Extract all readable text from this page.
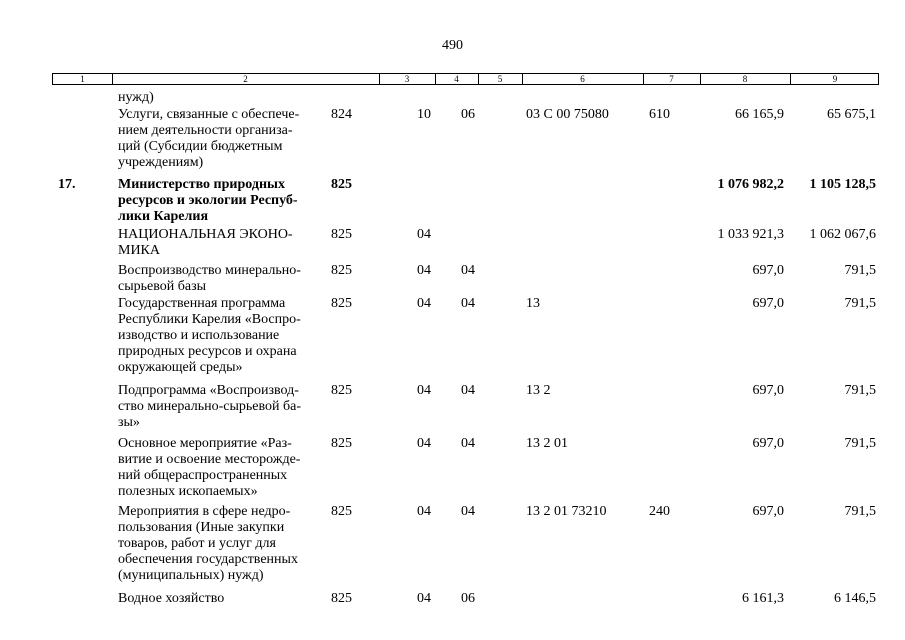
490
1	2	3	4	5	6	7	8	9
нужд)
Услуги, связанные с обеспече-
нием деятельности организа-
ций (Субсидии бюджетным
учреждениям)
824	10	06	03 С 00 75080	610	66 165,9	65 675,1
Министерство природных
ресурсов и экологии Респуб-
лики Карелия
17.	825	1 076 982,2	1 105 128,5
НАЦИОНАЛЬНАЯ ЭКОНО-
МИКА
825	04	1 033 921,3	1 062 067,6
Воспроизводство минерально-
сырьевой базы
825	04	04	697,0	791,5
Государственная программа
Республики Карелия «Воспро-
изводство и использование
природных ресурсов и охрана
окружающей среды»
825	04	04	13	697,0	791,5
Подпрограмма «Воспроизвод-
ство минерально-сырьевой ба-
зы»
825	04	04	13 2	697,0	791,5
Основное мероприятие «Раз-
витие и освоение месторожде-
ний общераспространенных
полезных ископаемых»
825	04	04	13 2 01	697,0	791,5
Мероприятия в сфере недро-
пользования (Иные закупки
товаров, работ и услуг для
обеспечения государственных
(муниципальных) нужд)
825	04	04	13 2 01 73210	240	697,0	791,5
Водное хозяйство	825	04	06	6 161,3	6 146,5
